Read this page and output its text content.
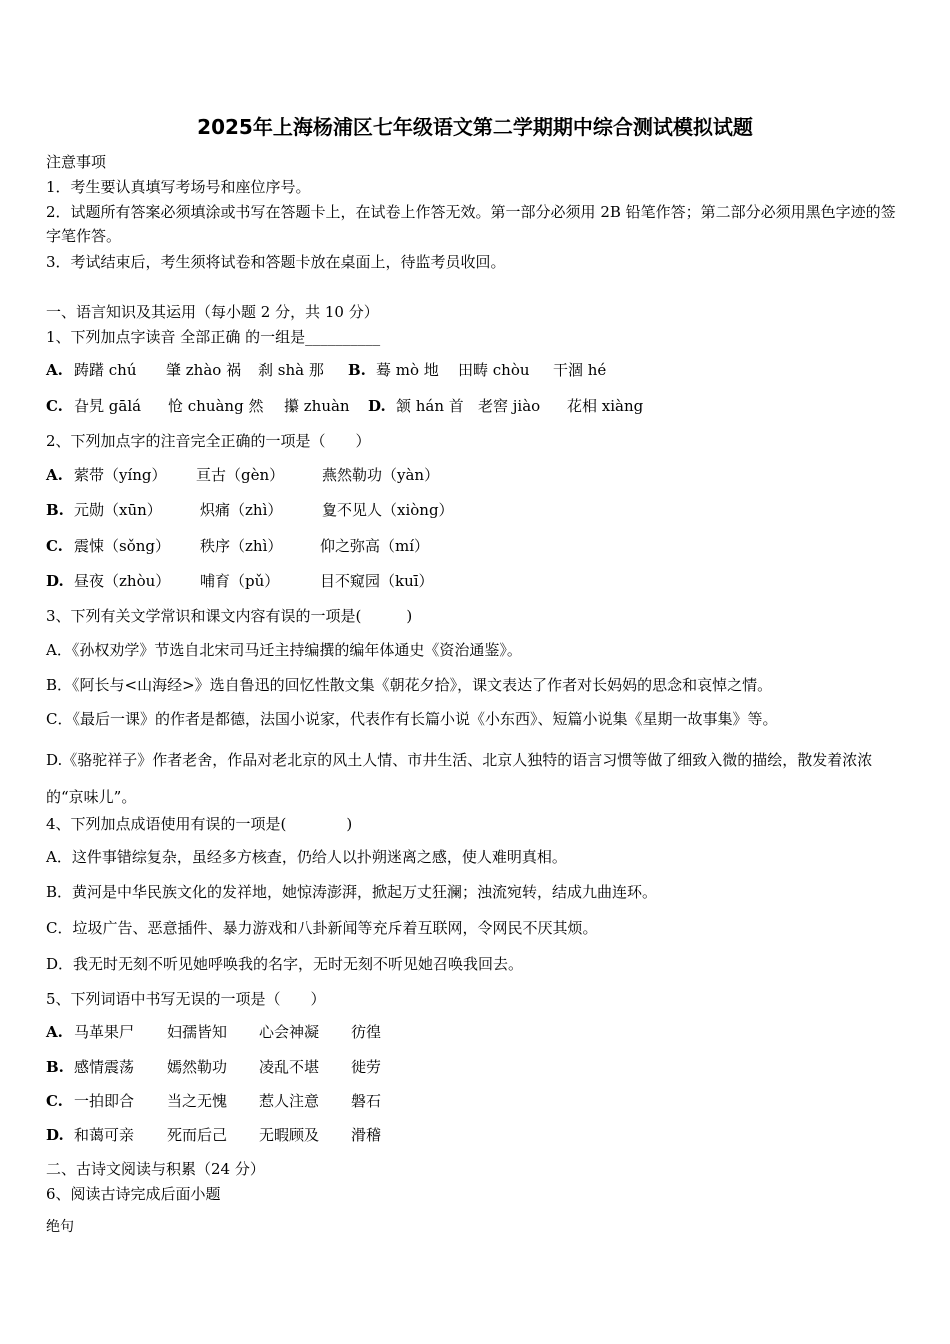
2025年上海杨浦区七年级语文第二学期期中综合测试模拟试题
注意事项
1．考生要认真填写考场号和座位序号。
2．试题所有答案必须填涂或书写在答题卡上，在试卷上作答无效。第一部分必须用 2B 铅笔作答；第二部分必须用黑色字迹的签字笔作答。
3．考试结束后，考生须将试卷和答题卡放在桌面上，待监考员收回。
一、语言知识及其运用（每小题 2 分，共 10 分）
1、下列加点字读音 全部正确 的一组是__________
A. 踌躇 chú 肇 zhào 祸 刹 shà 那 B. 蓦 mò 地 田畴 chòu 干涸 hé
C. 旮旯 gālá 怆 chuàng 然 攥 zhuàn D. 颔 hán 首 老窖 jiào 花相 xiàng
2、下列加点字的注音完全正确的一项是（　　）
A. 萦带（yíng） 亘古（gèn）	燕然勒功（yàn）
B. 元勋（xūn）	炽痛（zhì）	夐不见人（xiòng）
C. 震悚（sǒng） 秩序（zhì）	仰之弥高（mí）
D. 昼夜（zhòu） 哺育（pǔ）	目不窥园（kuī）
3、下列有关文学常识和课文内容有误的一项是(　　　)
A．《孙权劝学》节选自北宋司马迁主持编撰的编年体通史《资治通鉴》。
B．《阿长与<山海经>》选自鲁迅的回忆性散文集《朝花夕拾》，课文表达了作者对长妈妈的思念和哀悼之情。
C．《最后一课》的作者是都德，法国小说家，代表作有长篇小说《小东西》、短篇小说集《星期一故事集》等。
D.《骆驼祥子》作者老舍，作品对老北京的风土人情、市井生活、北京人独特的语言习惯等做了细致入微的描绘，散发着浓浓的“京味儿”。
4、下列加点成语使用有误的一项是(　　　　)
A．这件事错综复杂，虽经多方核查，仍给人以扑朔迷离之感，使人难明真相。
B．黄河是中华民族文化的发祥地，她惊涛澎湃，掀起万丈狂澜；浊流宛转，结成九曲连环。
C．垃圾广告、恶意插件、暴力游戏和八卦新闻等充斥着互联网，令网民不厌其烦。
D．我无时无刻不听见她呼唤我的名字，无时无刻不听见她召唤我回去。
5、下列词语中书写无误的一项是（　　）
A. 马革果尸 妇孺皆知 心会神凝 彷徨
B. 感情震荡 嫣然勒功 凌乱不堪 徙劳
C. 一拍即合 当之无愧 惹人注意 磐石
D. 和蔼可亲 死而后己 无暇顾及 滑稽
二、古诗文阅读与积累（24 分）
6、阅读古诗完成后面小题
绝句
